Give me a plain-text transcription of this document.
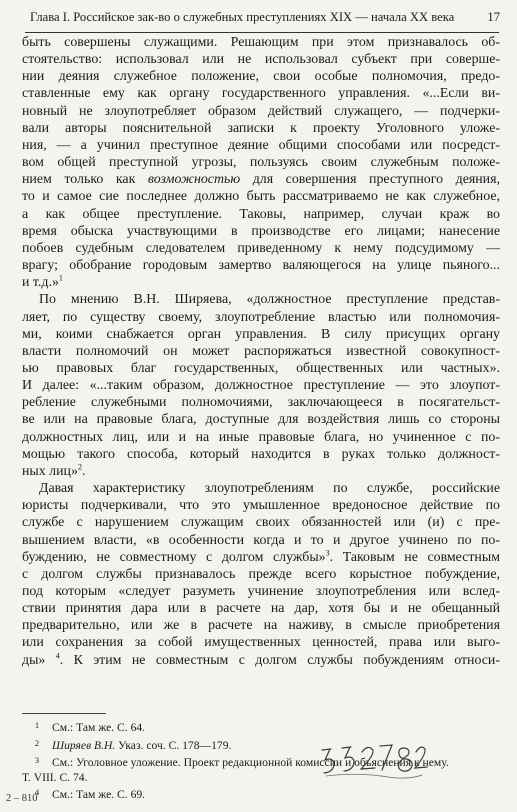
Глава I. Российское зак-во о служебных преступлениях XIX — начала XX века	17
быть совершены служащими. Решающим при этом признавалось об-
стоятельство: использовал или не использовал субъект при соверше-
нии деяния служебное положение, свои особые полномочия, предо-
ставленные ему как органу государственного управления. «...Если ви-
новный не злоупотребляет образом действий служащего, — подчерки-
вали авторы пояснительной записки к проекту Уголовного уложе-
ния, — а учинил преступное деяние общими способами или посредст-
вом общей преступной угрозы, пользуясь своим служебным положе-
нием только как возможностью для совершения преступного деяния,
то и самое сие последнее должно быть рассматриваемо не как служебное,
а как общее преступление. Таковы, например, случаи краж во
время обыска участвующими в производстве его лицами; нанесение
побоев судебным следователем приведенному к нему подсудимому —
врагу; обобрание городовым замертво валяющегося на улице пьяного...
и т.д.»$^1$
По мнению В.Н. Ширяева, «должностное преступление представ-
ляет, по существу своему, злоупотребление властью или полномочия-
ми, коими снабжается орган управления. В силу присущих органу
власти полномочий он может распоряжаться известной совокупност-
ью правовых благ государственных, общественных или частных».
И далее: «...таким образом, должностное преступление — это злоупот-
ребление служебными полномочиями, заключающееся в посягательст-
ве или на правовые блага, доступные для воздействия лишь со стороны
должностных лиц, или и на иные правовые блага, но учиненное с по-
мощью такого способа, который находится в руках только должност-
ных лиц»$^2$.
Давая характеристику злоупотреблениям по службе, российские
юристы подчеркивали, что это умышленное вредоносное действие по
службе с нарушением служащим своих обязанностей или (и) с пре-
вышением власти, «в особенности когда и то и другое учинено по по-
буждению, не совместному с долгом службы»$^3$. Таковым не совместным
с долгом службы признавалось прежде всего корыстное побуждение,
под которым «следует разуметь учинение злоупотребления или вслед-
ствии принятия дара или в расчете на дар, хотя бы и не обещанный
предварительно, или же в расчете на наживу, в смысле приобретения
или сохранения за собой имущественных ценностей, права или выго-
ды» $^4$. К этим не совместным с долгом службы побуждениям относи-
1 См.: Там же. С. 64.
2 Ширяев В.Н. Указ. соч. С. 178—179.
3 См.: Уголовное уложение. Проект редакционной комиссии и объяснения к нему.
Т. VIII. С. 74.
4 См.: Там же. С. 69.
2 – 810
